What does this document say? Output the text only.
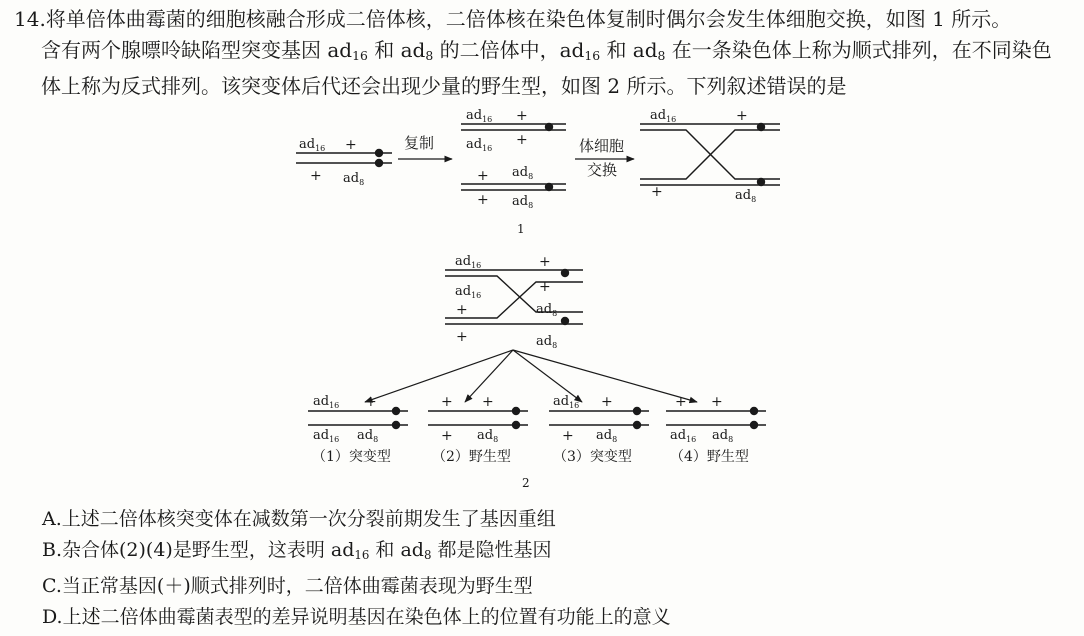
14.将单倍体曲霉菌的细胞核融合形成二倍体核，二倍体核在染色体复制时偶尔会发生体细胞交换，如图 1 所示。
含有两个腺嘌呤缺陷型突变基因 $ad_{16}$ 和 $ad_8$ 的二倍体中，$ad_{16}$ 和 $ad_8$ 在一条染色体上称为顺式排列，在不同染色
体上称为反式排列。该突变体后代还会出现少量的野生型，如图 2 所示。下列叙述错误的是
$ad_{16}$ +
+ $ad_8$
复制
$ad_{16}$ +
$ad_{16}$
+
+ $ad_8$
+ $ad_8$
体细胞
交换
$ad_{16}$	+
+	$ad_8$
1
$ad_{16}$	+
$ad_{16}$
+
+	$ad_8$
+	$ad_8$
$ad_{16}$ +
$ad_{16}$ $ad_8$
（1）突变型
+ +
+ $ad_8$
（2）野生型
$ad_{16}$ +
+ $ad_8$
（3）突变型
+ +
$ad_{16}$ $ad_8$
（4）野生型
2
A.上述二倍体核突变体在减数第一次分裂前期发生了基因重组
B.杂合体(2)(4)是野生型，这表明 $ad_{16}$ 和 $ad_8$ 都是隐性基因
C.当正常基因(＋)顺式排列时，二倍体曲霉菌表现为野生型
D.上述二倍体曲霉菌表型的差异说明基因在染色体上的位置有功能上的意义
